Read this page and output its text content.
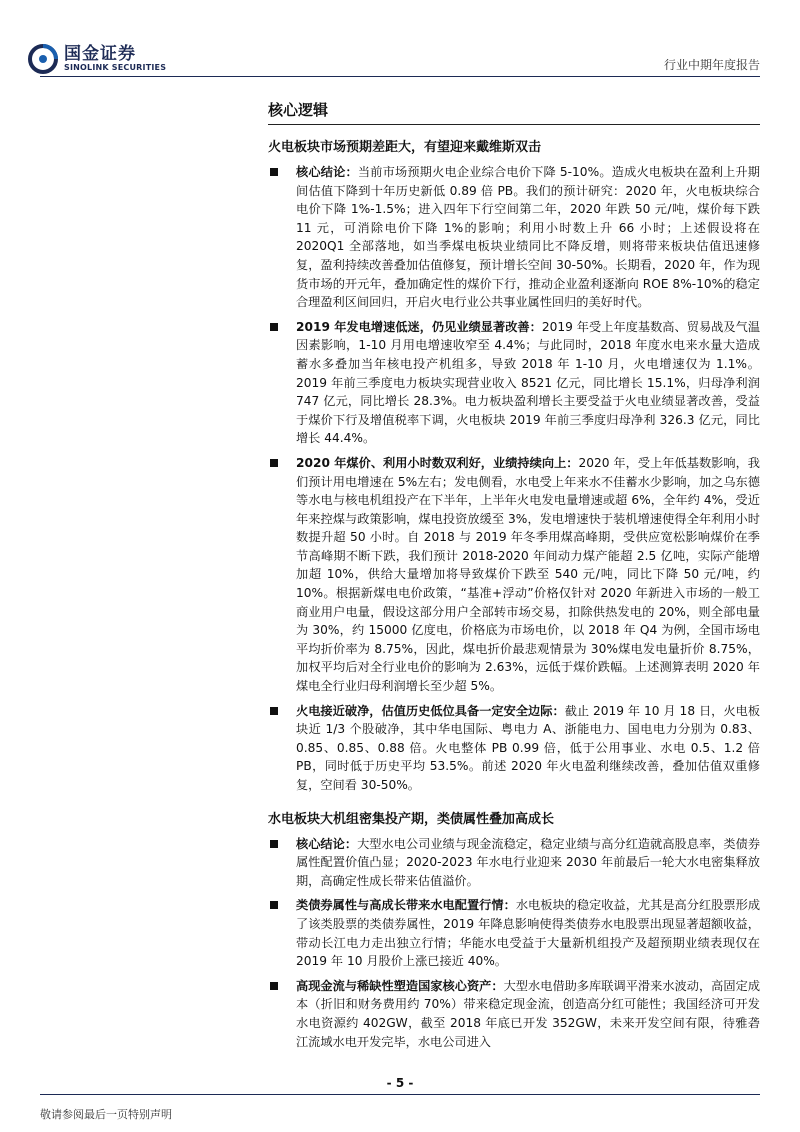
国金证券
SINOLINK SECURITIES	行业中期年度报告

核心逻辑
火电板块市场预期差距大，有望迎来戴维斯双击
核心结论：当前市场预期火电企业综合电价下降 5-10%。造成火电板块在盈利上升期间估值下降到十年历史新低 0.89 倍 PB。我们的预计研究：2020 年，火电板块综合电价下降 1%-1.5%；进入四年下行空间第二年，2020 年跌 50 元/吨，煤价每下跌 11 元，可消除电价下降 1%的影响；利用小时数上升 66 小时；上述假设将在 2020Q1 全部落地，如当季煤电板块业绩同比不降反增，则将带来板块估值迅速修复，盈利持续改善叠加估值修复，预计增长空间 30-50%。长期看，2020 年，作为现货市场的开元年，叠加确定性的煤价下行，推动企业盈利逐渐向 ROE 8%-10%的稳定合理盈利区间回归，开启火电行业公共事业属性回归的美好时代。
2019 年发电增速低迷，仍见业绩显著改善：2019 年受上年度基数高、贸易战及气温因素影响，1-10 月用电增速收窄至 4.4%；与此同时，2018 年度水电来水量大造成蓄水多叠加当年核电投产机组多，导致 2018 年 1-10 月，火电增速仅为 1.1%。2019 年前三季度电力板块实现营业收入 8521 亿元，同比增长 15.1%，归母净利润 747 亿元，同比增长 28.3%。电力板块盈利增长主要受益于火电业绩显著改善，受益于煤价下行及增值税率下调，火电板块 2019 年前三季度归母净利 326.3 亿元，同比增长 44.4%。
2020 年煤价、利用小时数双利好，业绩持续向上：2020 年，受上年低基数影响，我们预计用电增速在 5%左右；发电侧看，水电受上年来水不佳蓄水少影响，加之乌东德等水电与核电机组投产在下半年，上半年火电发电量增速或超 6%，全年约 4%，受近年来控煤与政策影响，煤电投资放缓至 3%，发电增速快于装机增速使得全年利用小时数提升超 50 小时。自 2018 与 2019 年冬季用煤高峰期，受供应宽松影响煤价在季节高峰期不断下跌，我们预计 2018-2020 年间动力煤产能超 2.5 亿吨，实际产能增加超 10%，供给大量增加将导致煤价下跌至 540 元/吨，同比下降 50 元/吨，约 10%。根据新煤电电价政策，“基准+浮动”价格仅针对 2020 年新进入市场的一般工商业用户电量，假设这部分用户全部转市场交易，扣除供热发电的 20%，则全部电量为 30%，约 15000 亿度电，价格底为市场电价，以 2018 年 Q4 为例，全国市场电平均折价率为 8.75%，因此，煤电折价最悲观情景为 30%煤电发电量折价 8.75%，加权平均后对全行业电价的影响为 2.63%，远低于煤价跌幅。上述测算表明 2020 年煤电全行业归母利润增长至少超 5%。
火电接近破净，估值历史低位具备一定安全边际：截止 2019 年 10 月 18 日，火电板块近 1/3 个股破净，其中华电国际、粤电力 A、浙能电力、国电电力分别为 0.83、0.85、0.85、0.88 倍。火电整体 PB 0.99 倍，低于公用事业、水电 0.5、1.2 倍 PB，同时低于历史平均 53.5%。前述 2020 年火电盈利继续改善，叠加估值双重修复，空间看 30-50%。
水电板块大机组密集投产期，类债属性叠加高成长
核心结论：大型水电公司业绩与现金流稳定，稳定业绩与高分红造就高股息率，类债券属性配置价值凸显；2020-2023 年水电行业迎来 2030 年前最后一轮大水电密集释放期，高确定性成长带来估值溢价。
类债券属性与高成长带来水电配置行情：水电板块的稳定收益，尤其是高分红股票形成了该类股票的类债券属性，2019 年降息影响使得类债券水电股票出现显著超额收益，带动长江电力走出独立行情；华能水电受益于大量新机组投产及超预期业绩表现仅在 2019 年 10 月股价上涨已接近 40%。
高现金流与稀缺性塑造国家核心资产：大型水电借助多库联调平滑来水波动，高固定成本（折旧和财务费用约 70%）带来稳定现金流，创造高分红可能性；我国经济可开发水电资源约 402GW，截至 2018 年底已开发 352GW，未来开发空间有限，待雅砻江流域水电开发完毕，水电公司进入
- 5 -
敬请参阅最后一页特别声明
